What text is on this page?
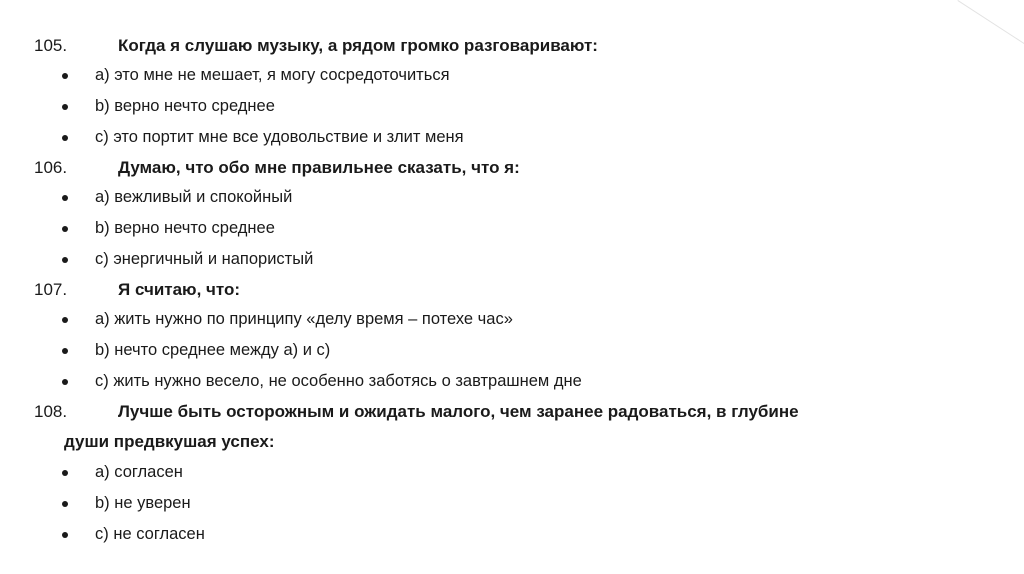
105.	Когда я слушаю музыку, а рядом громко разговаривают:
a) это мне не мешает, я могу сосредоточиться
b) верно нечто среднее
c) это портит мне все удовольствие и злит меня
106.	Думаю, что обо мне правильнее сказать, что я:
a) вежливый и спокойный
b) верно нечто среднее
c) энергичный и напористый
107.	Я считаю, что:
a) жить нужно по принципу «делу время – потехе час»
b) нечто среднее между a) и c)
c) жить нужно весело, не особенно заботясь о завтрашнем дне
108.	Лучше быть осторожным и ожидать малого, чем заранее радоваться, в глубине
души предвкушая успех:
a) согласен
b) не уверен
c) не согласен
